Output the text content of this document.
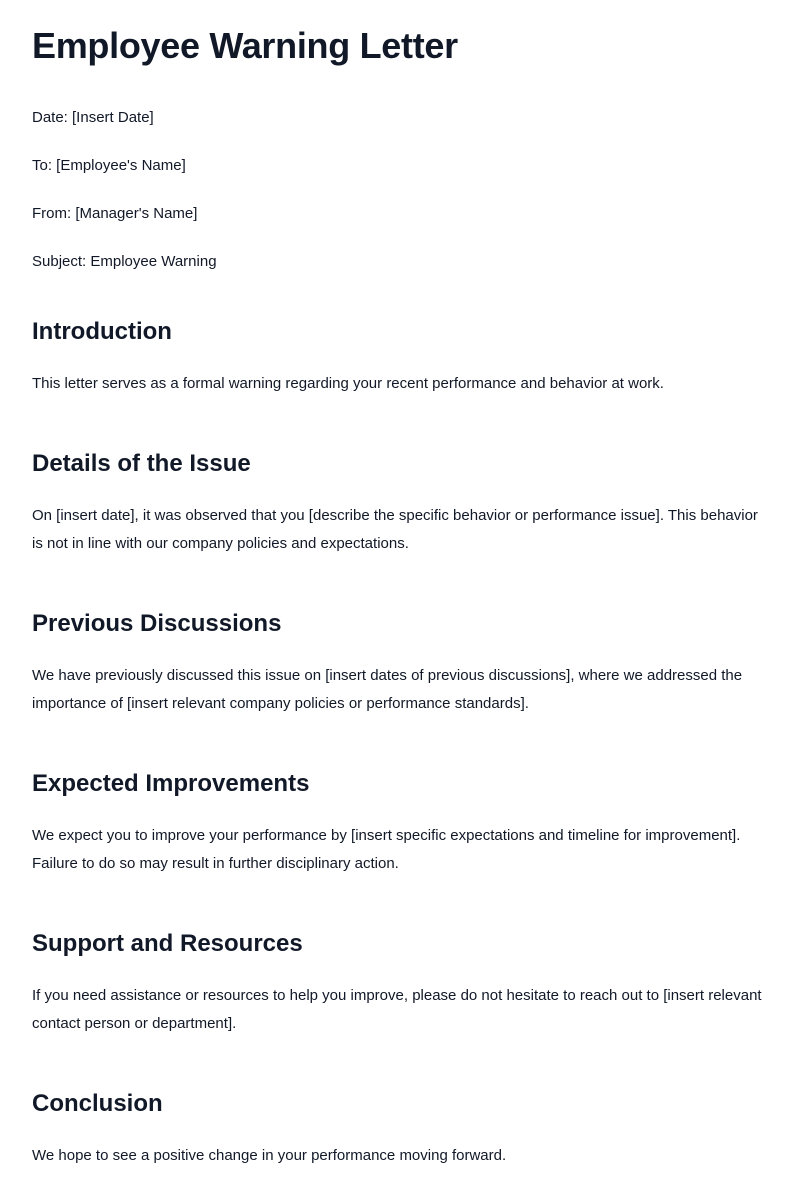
Employee Warning Letter

Date: [Insert Date]

To: [Employee's Name]

From: [Manager's Name]

Subject: Employee Warning

Introduction

This letter serves as a formal warning regarding your recent performance and behavior at work.

Details of the Issue

On [insert date], it was observed that you [describe the specific behavior or performance issue]. This behavior is not in line with our company policies and expectations.

Previous Discussions

We have previously discussed this issue on [insert dates of previous discussions], where we addressed the importance of [insert relevant company policies or performance standards].

Expected Improvements

We expect you to improve your performance by [insert specific expectations and timeline for improvement]. Failure to do so may result in further disciplinary action.

Support and Resources

If you need assistance or resources to help you improve, please do not hesitate to reach out to [insert relevant contact person or department].

Conclusion

We hope to see a positive change in your performance moving forward.
